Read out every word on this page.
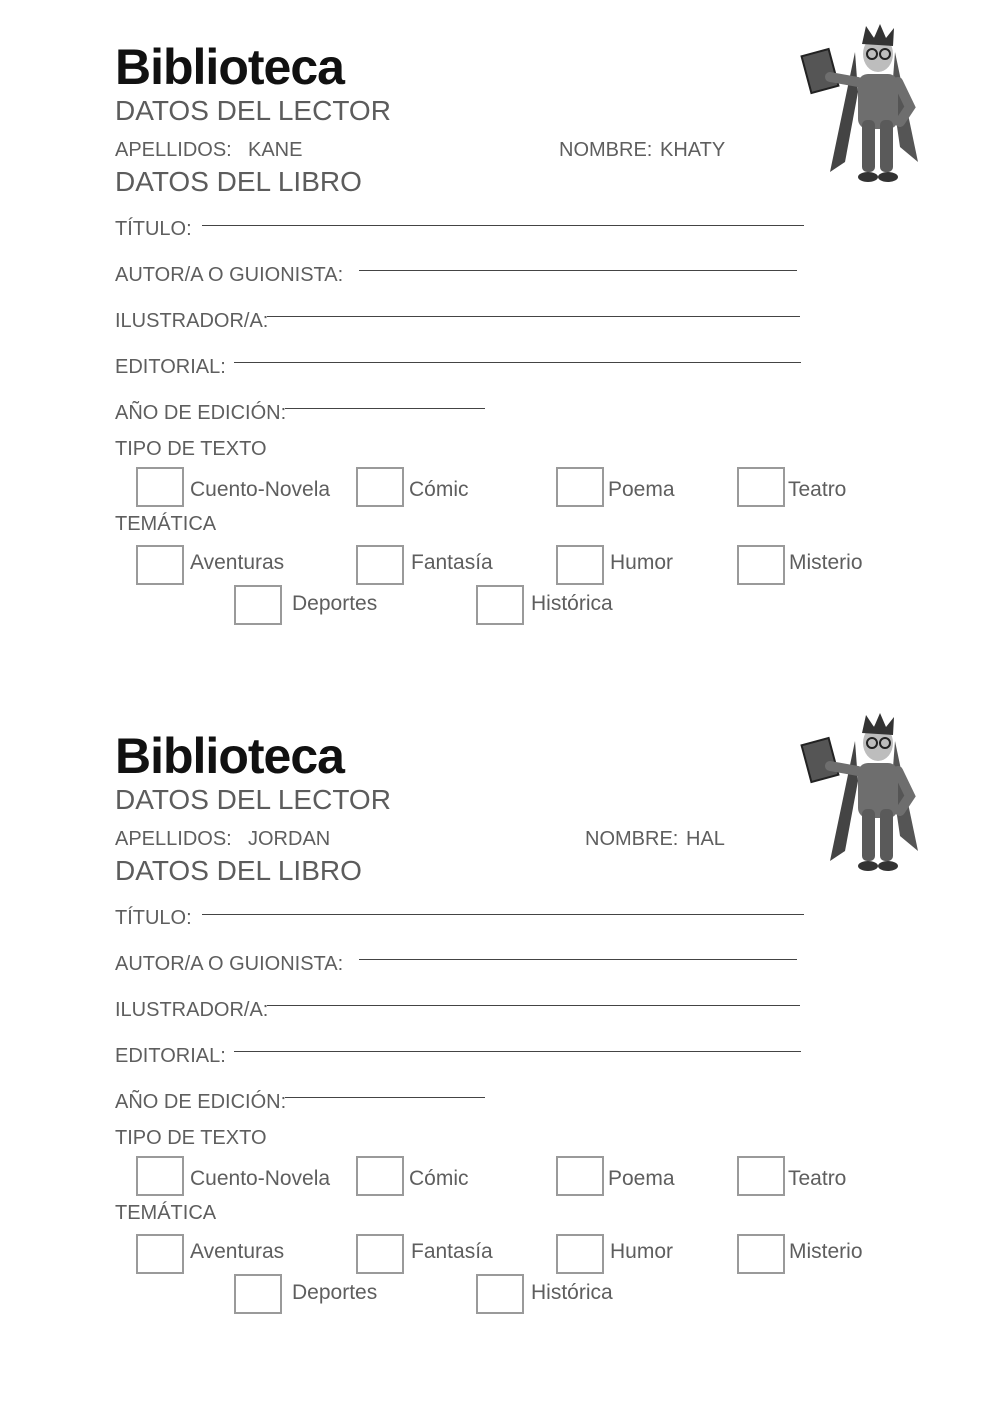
Biblioteca
DATOS DEL LECTOR
APELLIDOS: KANE	NOMBRE: KHATY
DATOS DEL LIBRO
TÍTULO:
AUTOR/A O GUIONISTA:
ILUSTRADOR/A:
EDITORIAL:
AÑO DE EDICIÓN:
TIPO DE TEXTO
Cuento-Novela	Cómic	Poema	Teatro
TEMÁTICA
Aventuras	Fantasía	Humor	Misterio
Deportes	Histórica
Biblioteca
DATOS DEL LECTOR
APELLIDOS: JORDAN	NOMBRE: HAL
DATOS DEL LIBRO
TÍTULO:
AUTOR/A O GUIONISTA:
ILUSTRADOR/A:
EDITORIAL:
AÑO DE EDICIÓN:
TIPO DE TEXTO
Cuento-Novela	Cómic	Poema	Teatro
TEMÁTICA
Aventuras	Fantasía	Humor	Misterio
Deportes	Histórica
